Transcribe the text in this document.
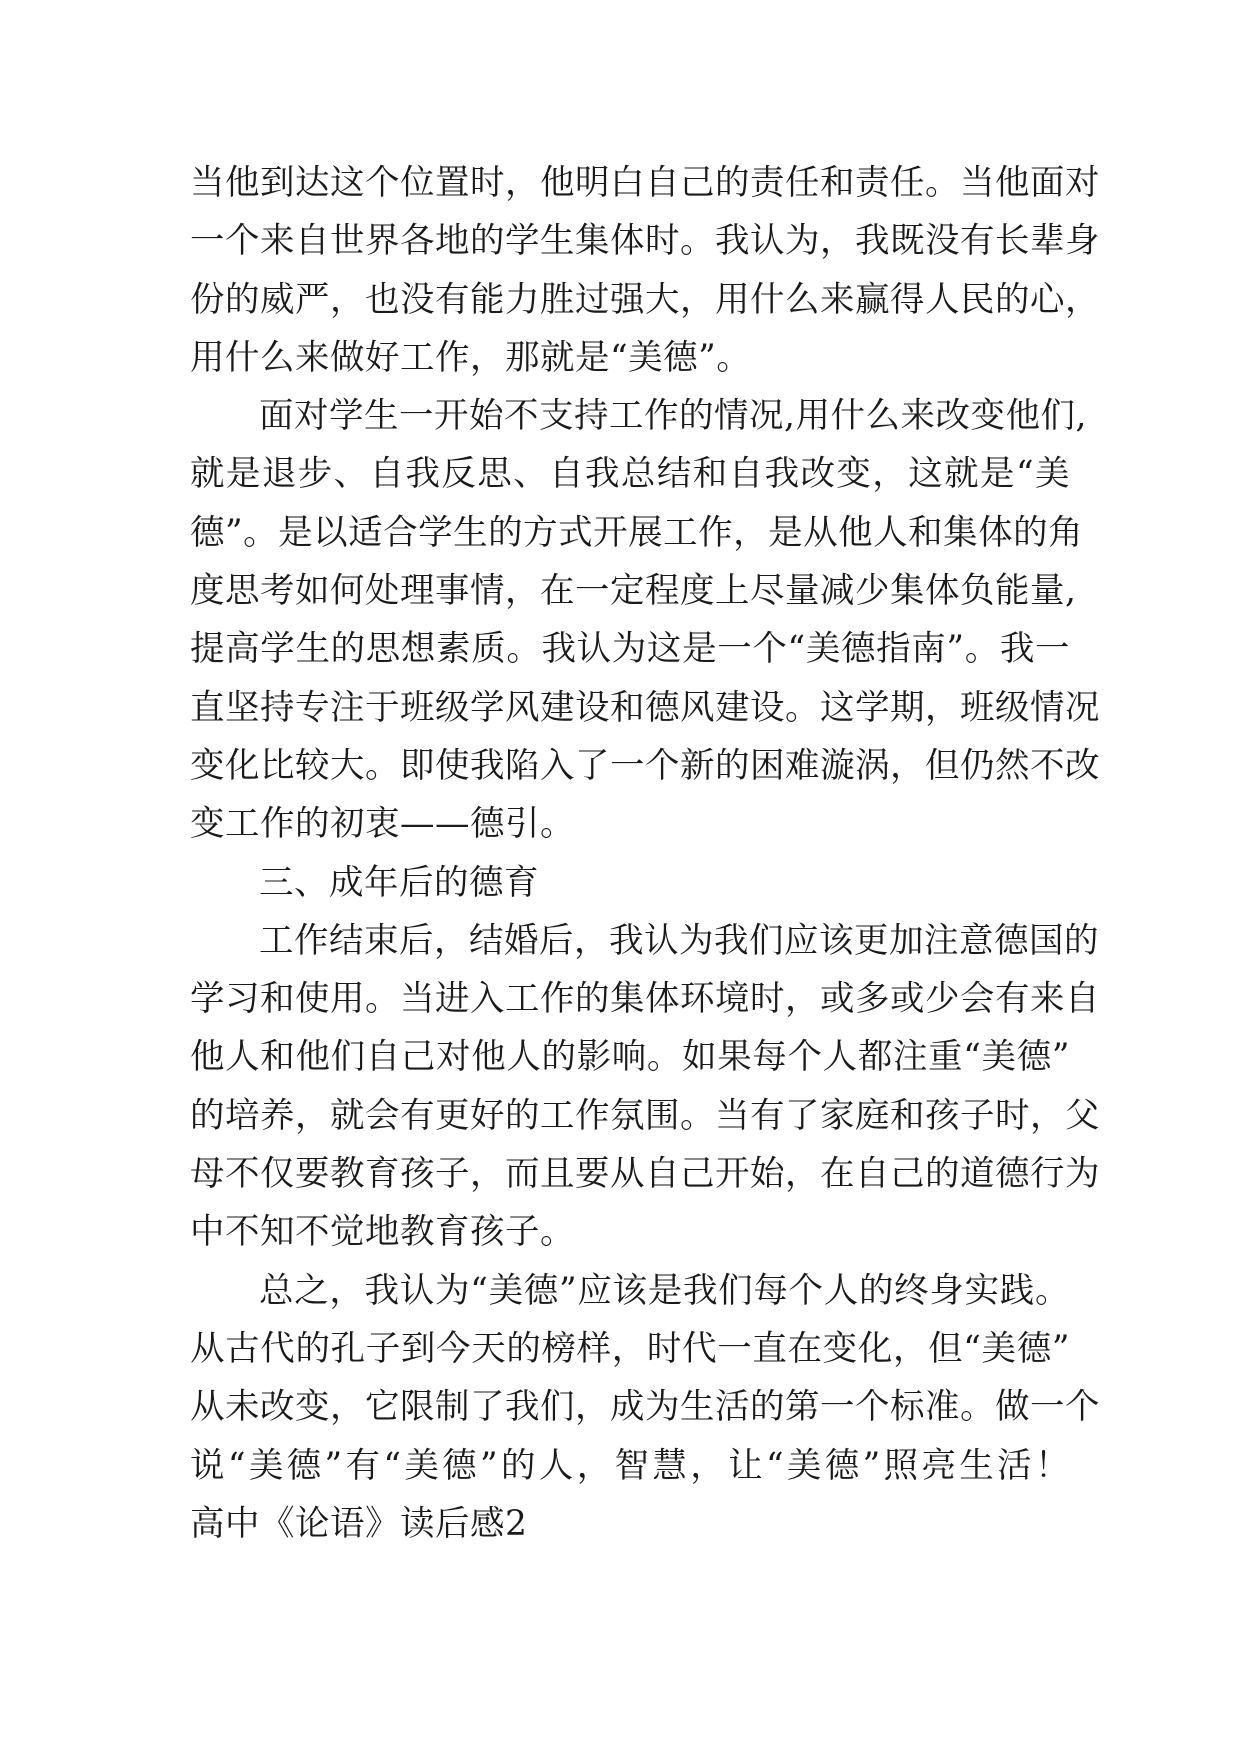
当他到达这个位置时，他明白自己的责任和责任。当他面对
一个来自世界各地的学生集体时。我认为，我既没有长辈身
份的威严，也没有能力胜过强大，用什么来赢得人民的心，
用什么来做好工作，那就是“美德”。
面对学生一开始不支持工作的情况,用什么来改变他们,
就是退步、自我反思、自我总结和自我改变，这就是“美
德”。是以适合学生的方式开展工作，是从他人和集体的角
度思考如何处理事情，在一定程度上尽量减少集体负能量,
提高学生的思想素质。我认为这是一个“美德指南”。我一
直坚持专注于班级学风建设和德风建设。这学期，班级情况
变化比较大。即使我陷入了一个新的困难漩涡，但仍然不改
变工作的初衷——德引。
三、成年后的德育
工作结束后，结婚后，我认为我们应该更加注意德国的
学习和使用。当进入工作的集体环境时，或多或少会有来自
他人和他们自己对他人的影响。如果每个人都注重“美德”
的培养，就会有更好的工作氛围。当有了家庭和孩子时，父
母不仅要教育孩子，而且要从自己开始，在自己的道德行为
中不知不觉地教育孩子。
总之，我认为“美德”应该是我们每个人的终身实践。
从古代的孔子到今天的榜样，时代一直在变化，但“美德”
从未改变，它限制了我们，成为生活的第一个标准。做一个
说“美德”有“美德”的人，智慧，让“美德”照亮生活！
高中《论语》读后感2
